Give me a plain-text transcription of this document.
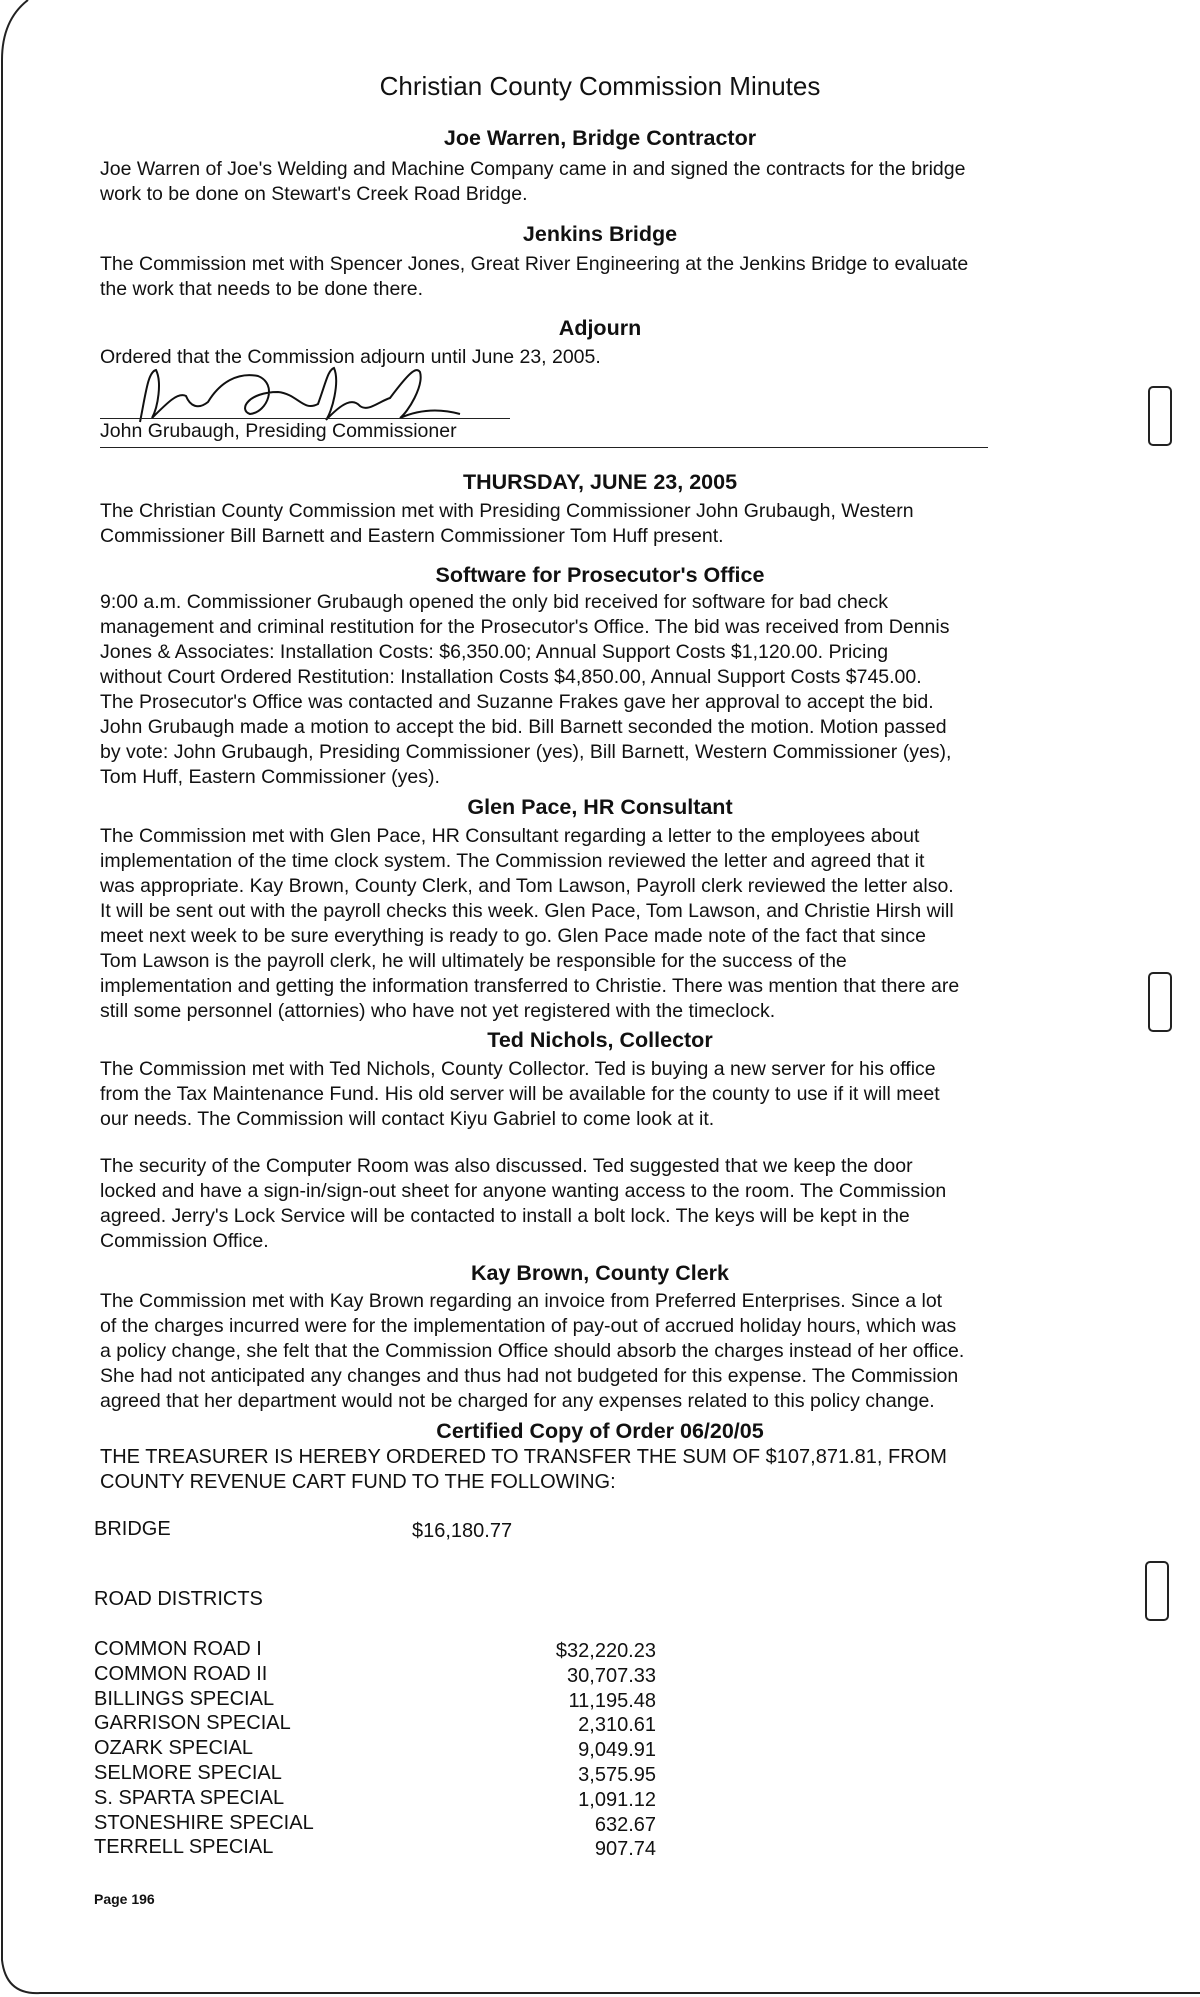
Christian County Commission Minutes
Joe Warren, Bridge Contractor

Joe Warren of Joe's Welding and Machine Company came in and signed the contracts for the bridge
work to be done on Stewart's Creek Road Bridge.

Jenkins Bridge

The Commission met with Spencer Jones, Great River Engineering at the Jenkins Bridge to evaluate
the work that needs to be done there.

Adjourn

Ordered that the Commission adjourn until June 23, 2005.

John Grubaugh, Presiding Commissioner
THURSDAY, JUNE 23, 2005

The Christian County Commission met with Presiding Commissioner John Grubaugh, Western
Commissioner Bill Barnett and Eastern Commissioner Tom Huff present.

Software for Prosecutor's Office

9:00 a.m. Commissioner Grubaugh opened the only bid received for software for bad check
management and criminal restitution for the Prosecutor's Office. The bid was received from Dennis
Jones & Associates: Installation Costs: $6,350.00; Annual Support Costs $1,120.00. Pricing
without Court Ordered Restitution: Installation Costs $4,850.00, Annual Support Costs $745.00.
The Prosecutor's Office was contacted and Suzanne Frakes gave her approval to accept the bid.
John Grubaugh made a motion to accept the bid. Bill Barnett seconded the motion. Motion passed
by vote: John Grubaugh, Presiding Commissioner (yes), Bill Barnett, Western Commissioner (yes),
Tom Huff, Eastern Commissioner (yes).

Glen Pace, HR Consultant

The Commission met with Glen Pace, HR Consultant regarding a letter to the employees about
implementation of the time clock system. The Commission reviewed the letter and agreed that it
was appropriate. Kay Brown, County Clerk, and Tom Lawson, Payroll clerk reviewed the letter also.
It will be sent out with the payroll checks this week. Glen Pace, Tom Lawson, and Christie Hirsh will
meet next week to be sure everything is ready to go. Glen Pace made note of the fact that since
Tom Lawson is the payroll clerk, he will ultimately be responsible for the success of the
implementation and getting the information transferred to Christie. There was mention that there are
still some personnel (attornies) who have not yet registered with the timeclock.

Ted Nichols, Collector

The Commission met with Ted Nichols, County Collector. Ted is buying a new server for his office
from the Tax Maintenance Fund. His old server will be available for the county to use if it will meet
our needs. The Commission will contact Kiyu Gabriel to come look at it.

The security of the Computer Room was also discussed. Ted suggested that we keep the door
locked and have a sign-in/sign-out sheet for anyone wanting access to the room. The Commission
agreed. Jerry's Lock Service will be contacted to install a bolt lock. The keys will be kept in the
Commission Office.

Kay Brown, County Clerk

The Commission met with Kay Brown regarding an invoice from Preferred Enterprises. Since a lot
of the charges incurred were for the implementation of pay-out of accrued holiday hours, which was
a policy change, she felt that the Commission Office should absorb the charges instead of her office.
She had not anticipated any changes and thus had not budgeted for this expense. The Commission
agreed that her department would not be charged for any expenses related to this policy change.

Certified Copy of Order 06/20/05

THE TREASURER IS HEREBY ORDERED TO TRANSFER THE SUM OF $107,871.81, FROM
COUNTY REVENUE CART FUND TO THE FOLLOWING:

BRIDGE	$16,180.77
ROAD DISTRICTS
COMMON ROAD I	$32,220.23
COMMON ROAD II	30,707.33
BILLINGS SPECIAL	11,195.48
GARRISON SPECIAL	2,310.61
OZARK SPECIAL	9,049.91
SELMORE SPECIAL	3,575.95
S. SPARTA SPECIAL	1,091.12
STONESHIRE SPECIAL	632.67
TERRELL SPECIAL	907.74
Page 196
